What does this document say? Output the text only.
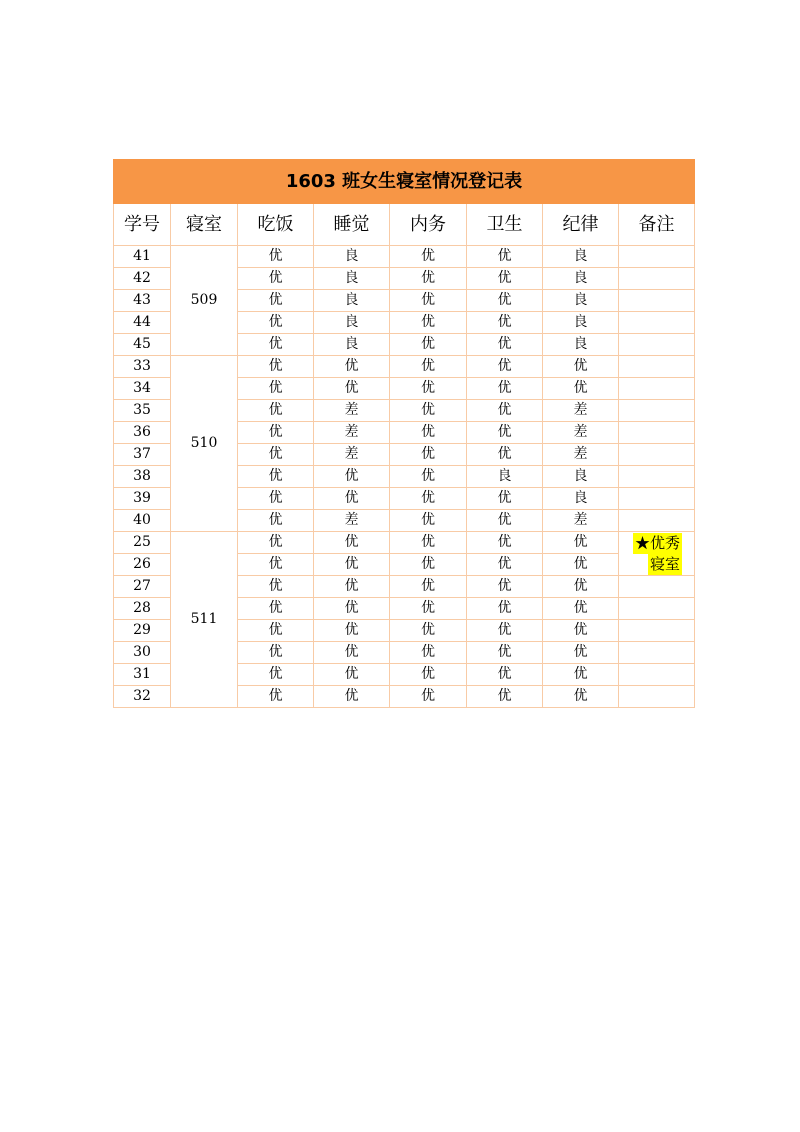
1603 班女生寝室情况登记表							
学号	寝室	吃饭	睡觉	内务	卫生	纪律	备注
41	509	优	良	优	优	良	
42		优	良	优	优	良	
43		优	良	优	优	良	
44		优	良	优	优	良	
45		优	良	优	优	良	
33	510	优	优	优	优	优	
34		优	优	优	优	优	
35		优	差	优	优	差	
36		优	差	优	优	差	
37		优	差	优	优	差	
38		优	优	优	良	良	
39		优	优	优	优	良	
40		优	差	优	优	差	
25	511	优	优	优	优	优	★优秀
寝室

26		优	优	优	优	优	
27		优	优	优	优	优	
28		优	优	优	优	优	
29		优	优	优	优	优	
30		优	优	优	优	优	
31		优	优	优	优	优	
32		优	优	优	优	优	
